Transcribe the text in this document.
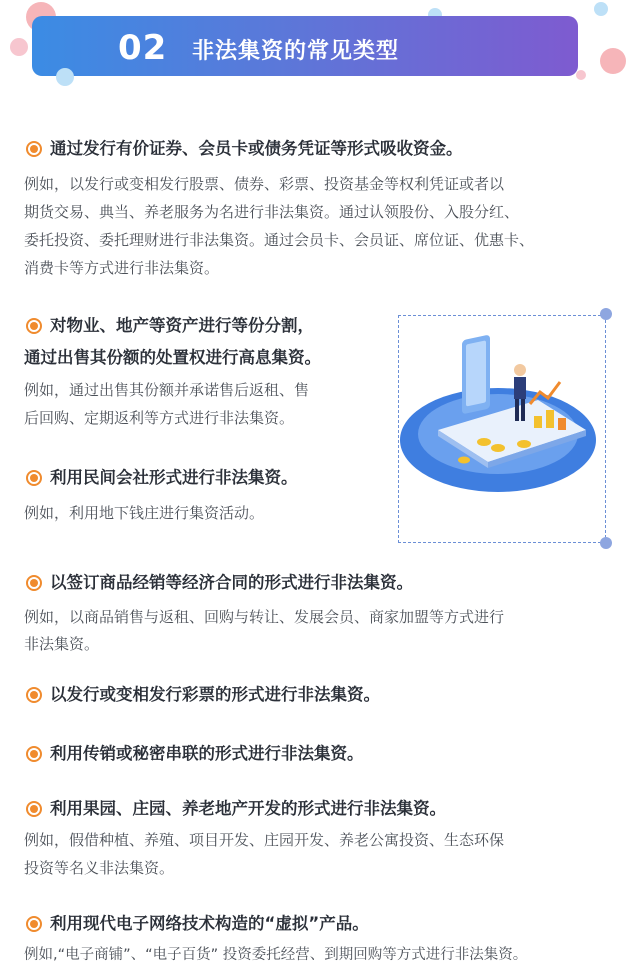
02 非法集资的常见类型
通过发行有价证券、会员卡或债务凭证等形式吸收资金。
例如，以发行或变相发行股票、债券、彩票、投资基金等权利凭证或者以
期货交易、典当、养老服务为名进行非法集资。通过认领股份、入股分红、
委托投资、委托理财进行非法集资。通过会员卡、会员证、席位证、优惠卡、
消费卡等方式进行非法集资。
对物业、地产等资产进行等份分割，
通过出售其份额的处置权进行高息集资。
例如，通过出售其份额并承诺售后返租、售
后回购、定期返利等方式进行非法集资。
利用民间会社形式进行非法集资。
例如，利用地下钱庄进行集资活动。
以签订商品经销等经济合同的形式进行非法集资。
例如，以商品销售与返租、回购与转让、发展会员、商家加盟等方式进行
非法集资。
以发行或变相发行彩票的形式进行非法集资。
利用传销或秘密串联的形式进行非法集资。
利用果园、庄园、养老地产开发的形式进行非法集资。
例如，假借种植、养殖、项目开发、庄园开发、养老公寓投资、生态环保
投资等名义非法集资。
利用现代电子网络技术构造的“虚拟”产品。
例如,“电子商铺”、“电子百货” 投资委托经营、到期回购等方式进行非法集资。
